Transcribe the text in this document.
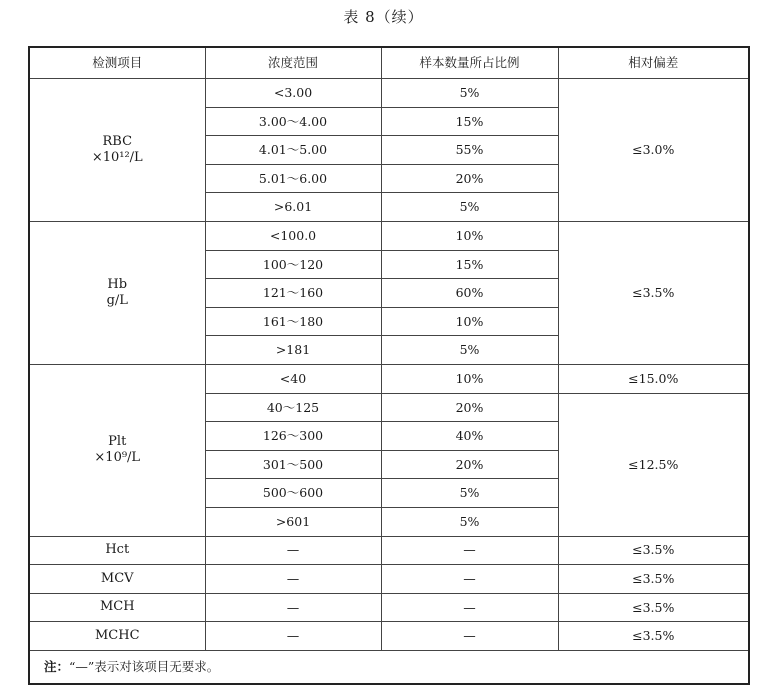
表 8（续）
检测项目	浓度范围	样本数量所占比例	相对偏差

RBC
×10¹²/L	<3.00	5%	≤3.0%
	3.00～4.00	15%	
	4.01～5.00	55%	
	5.01～6.00	20%	
	>6.01	5%	

Hb
g/L	<100.0	10%	≤3.5%
	100～120	15%	
	121～160	60%	
	161～180	10%	
	>181	5%	

Plt
×10⁹/L	<40	10%	≤15.0%
	40～125	20%	≤12.5%
	126～300	40%	
	301～500	20%	
	500～600	5%	
	>601	5%	
Hct	—	—	≤3.5%
MCV	—	—	≤3.5%
MCH	—	—	≤3.5%
MCHC	—	—	≤3.5%
注：“—”表示对该项目无要求。			
